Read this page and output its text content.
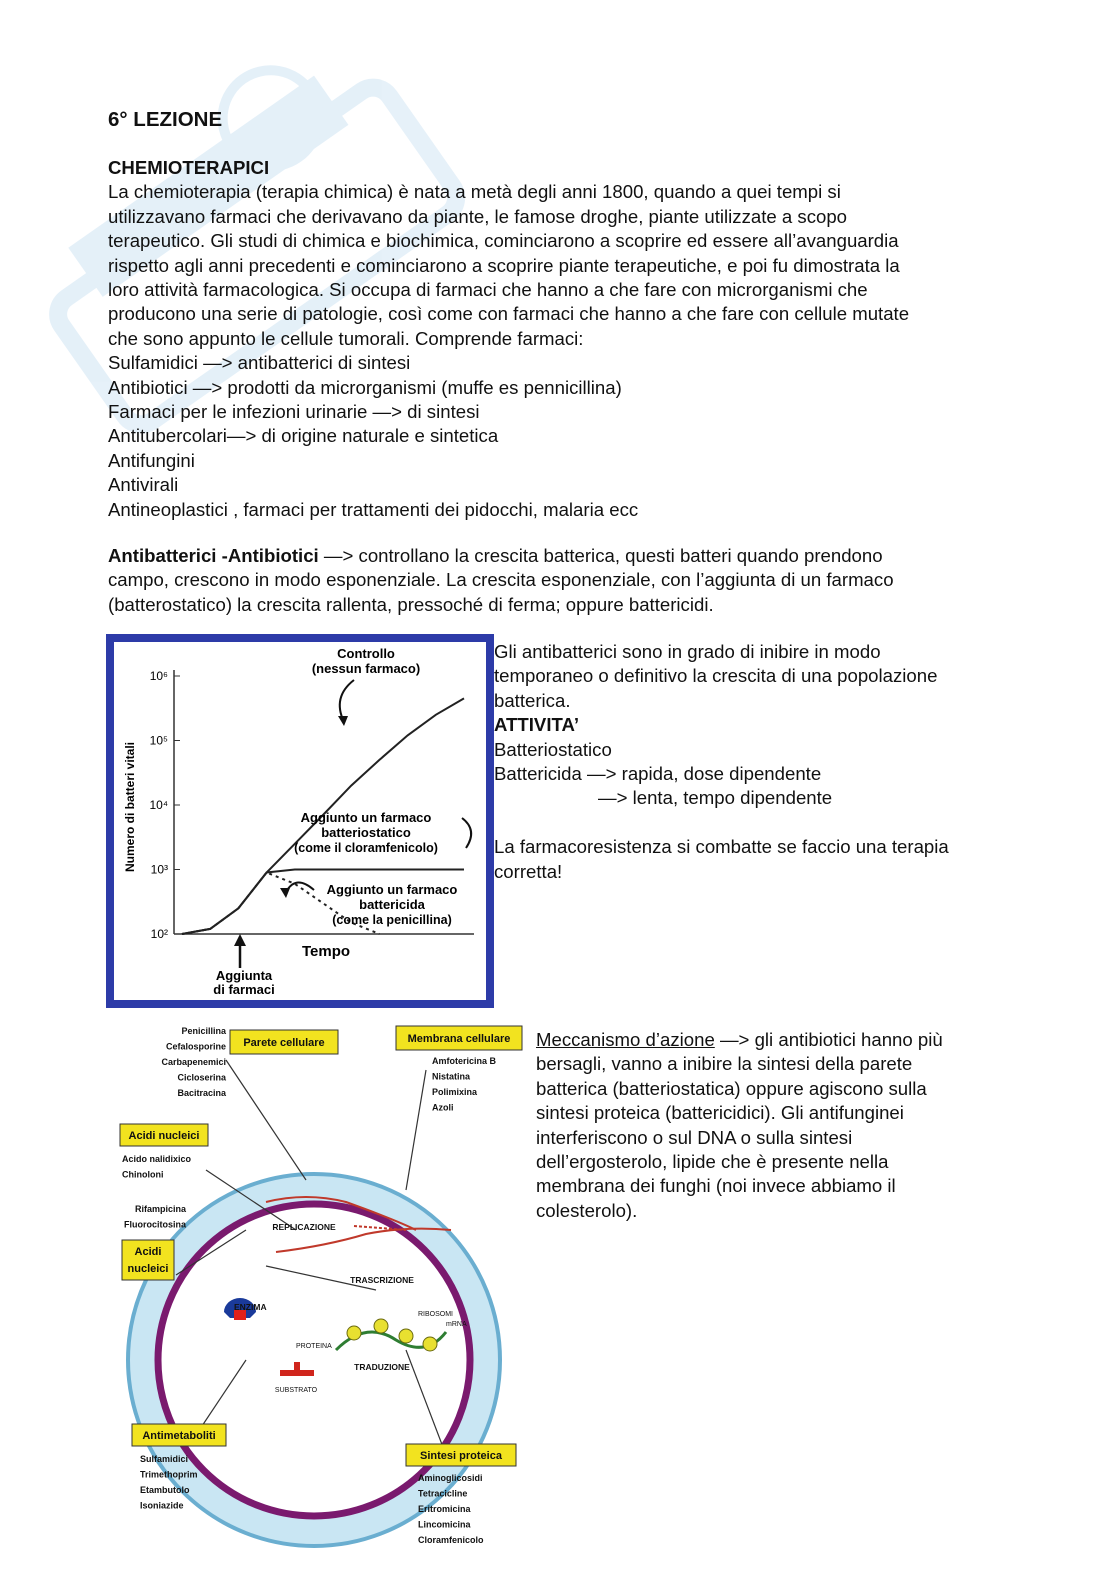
6° LEZIONE
CHEMIOTERAPICI
La chemioterapia (terapia chimica) è nata a metà degli anni 1800, quando a quei tempi si
utilizzavano farmaci che derivavano da piante, le famose droghe, piante utilizzate a scopo
terapeutico. Gli studi di chimica e biochimica, cominciarono a scoprire ed essere all’avanguardia
rispetto agli anni precedenti e cominciarono a scoprire piante terapeutiche, e poi fu dimostrata la
loro attività farmacologica. Si occupa di farmaci che hanno a che fare con microrganismi che
producono una serie di patologie, così come con farmaci che hanno a che fare con cellule mutate
che sono appunto le cellule tumorali. Comprende farmaci:
Sulfamidici —> antibatterici di sintesi
Antibiotici —> prodotti da microrganismi (muffe es pennicillina)
Farmaci per le infezioni urinarie —> di sintesi
Antitubercolari—> di origine naturale e sintetica
Antifungini
Antivirali
Antineoplastici , farmaci per trattamenti dei pidocchi, malaria ecc
Antibatterici -Antibiotici —> controllano la crescita batterica, questi batteri quando prendono
campo, crescono in modo esponenziale. La crescita esponenziale, con l’aggiunta di un farmaco
(batterostatico) la crescita rallenta, pressoché di ferma; oppure battericidi.
10²
10³
10⁴
10⁵
10⁶
Numero di batteri vitali
Tempo
Controllo
(nessun farmaco)
Aggiunto un farmaco
batteriostatico
(come il cloramfenicolo)
Aggiunto un farmaco
battericida
(come la penicillina)
Aggiunta
di farmaci
Gli antibatterici sono in grado di inibire in modo
temporaneo o definitivo la crescita di una popolazione
batterica.
ATTIVITA’
Batteriostatico
Battericida —> rapida, dose dipendente
—> lenta, tempo dipendente
La farmacoresistenza si combatte se faccio una terapia
corretta!
Meccanismo d’azione —> gli antibiotici hanno più
bersagli, vanno a inibire la sintesi della parete
batterica (batteriostatica) oppure agiscono sulla
sintesi proteica (battericidici). Gli antifunginei
interferiscono o sul DNA o sulla sintesi
dell’ergosterolo, lipide che è presente nella
membrana dei funghi (noi invece abbiamo il
colesterolo).
Penicillina Cefalosporine Carbapenemici Cicloserina Bacitracina
Parete cellulare	Membrana cellulare
Amfotericina B Nistatina Polimixina Azoli
Acidi nucleici
Acido nalidixico Chinoloni
Rifampicina Fluorocitosina
Acidi
nucleici
REPLICAZIONE
TRASCRIZIONE
ENZIMA
RIBOSOMI
PROTEINA
mRNA
TRADUZIONE
SUBSTRATO
Antimetaboliti
Sulfamidici Trimethoprim Etambutolo Isoniazide
Sintesi proteica
Aminoglicosidi Tetracicline Eritromicina Lincomicina Cloramfenicolo
